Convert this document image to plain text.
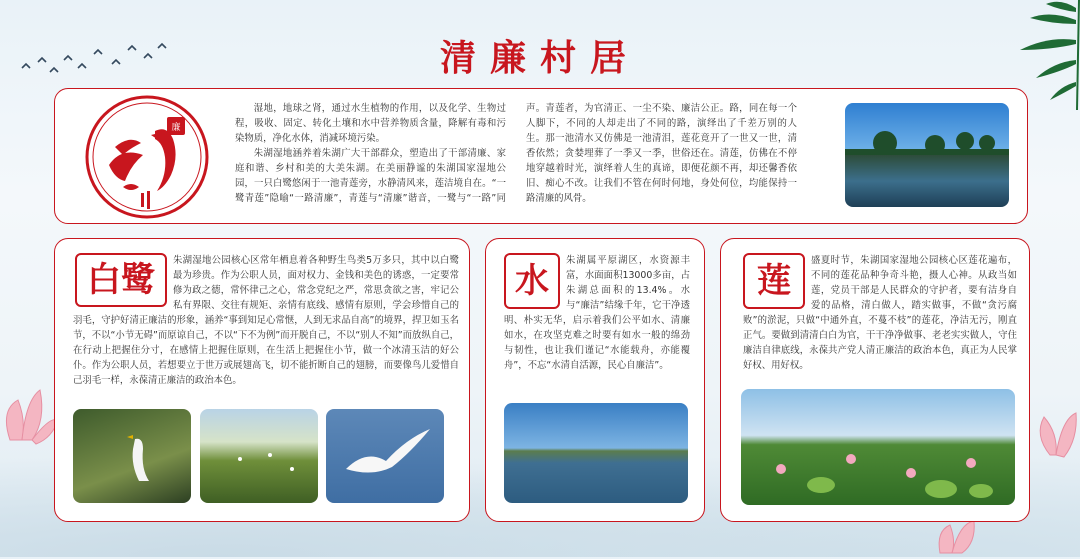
清廉村居
廉

湿地，地球之肾，通过水生植物的作用，以及化学、生物过程，吸收、固定、转化土壤和水中营养物质含量，降解有毒和污染物质，净化水体，消减环境污染。

朱湖湿地涵养着朱湖广大干部群众，塑造出了干部清廉、家庭和谐、乡村和美的大美朱湖。在美丽静谧的朱湖国家湿地公园，一只白鹭悠闲于一池青莲旁，水静清风来，莲洁境自在。“一鹭青莲”隐喻“一路清廉”，青莲与“清廉”谐音，一鹭与“一路”同声。青莲者，为官清正、一尘不染、廉洁公正。路，同在每一个人脚下，不同的人却走出了不同的路，演绎出了千差万别的人生。那一池清水又仿佛是一池清泪，莲花竟开了一世又一世，清香依然；贪婪埋葬了一季又一季，世俗还在。清莲，仿佛在不停地穿越着时光，演绎着人生的真谛，即便花颜不再，却还馨香依旧、痴心不改。让我们不管在何时何地，身处何位，均能保持一路清廉的风骨。

白鹭	朱湖湿地公园核心区常年栖息着各种野生鸟类5万多只，其中以白鹭最为珍贵。作为公职人员，面对权力、金钱和美色的诱惑，一定要常修为政之德，常怀律己之心，常念党纪之严，常思贪欲之害，牢记公私有界限、交往有规矩、亲情有底线、感情有原则，学会珍惜自己的羽毛，守护好清正廉洁的形象，涵养“事到知足心常惬，人到无求品自高”的境界，捍卫如玉名节，不以“小节无碍”而原谅自己，不以“下不为例”而开脱自己，不以“别人不知”而放纵自己，在行动上把握住分寸，在感情上把握住原则，在生活上把握住小节，做一个冰清玉洁的好公仆。作为公职人员，若想要立于世万或展翅高飞，切不能折断自己的翅膀，而要像鸟儿爱惜自己羽毛一样，永葆清正廉洁的政治本色。
水
朱湖属平原湖区，水资源丰富，水面面积13000多亩，占朱湖总面积的13.4%。水与“廉洁”结缘千年，它干净透明、朴实无华，启示着我们公平如水、清廉如水，在攻坚克难之时要有如水一般的绵劲与韧性，也让我们谨记“水能载舟，亦能覆舟”，不忘“水清自活源，民心自廉洁”。
莲
盛夏时节，朱湖国家湿地公园核心区莲花遍布，不同的莲花品种争奇斗艳，摄人心神。从政当如莲，党员干部是人民群众的守护者，要有洁身自爱的品格，清白做人，踏实做事，不做“贪污腐败”的淤泥，只做“中通外直，不蔓不枝”的莲花，净洁无污，刚直正气。要做到清清白白为官，干干净净做事、老老实实做人，守住廉洁自律底线，永葆共产党人清正廉洁的政治本色，真正为人民掌好权、用好权。
